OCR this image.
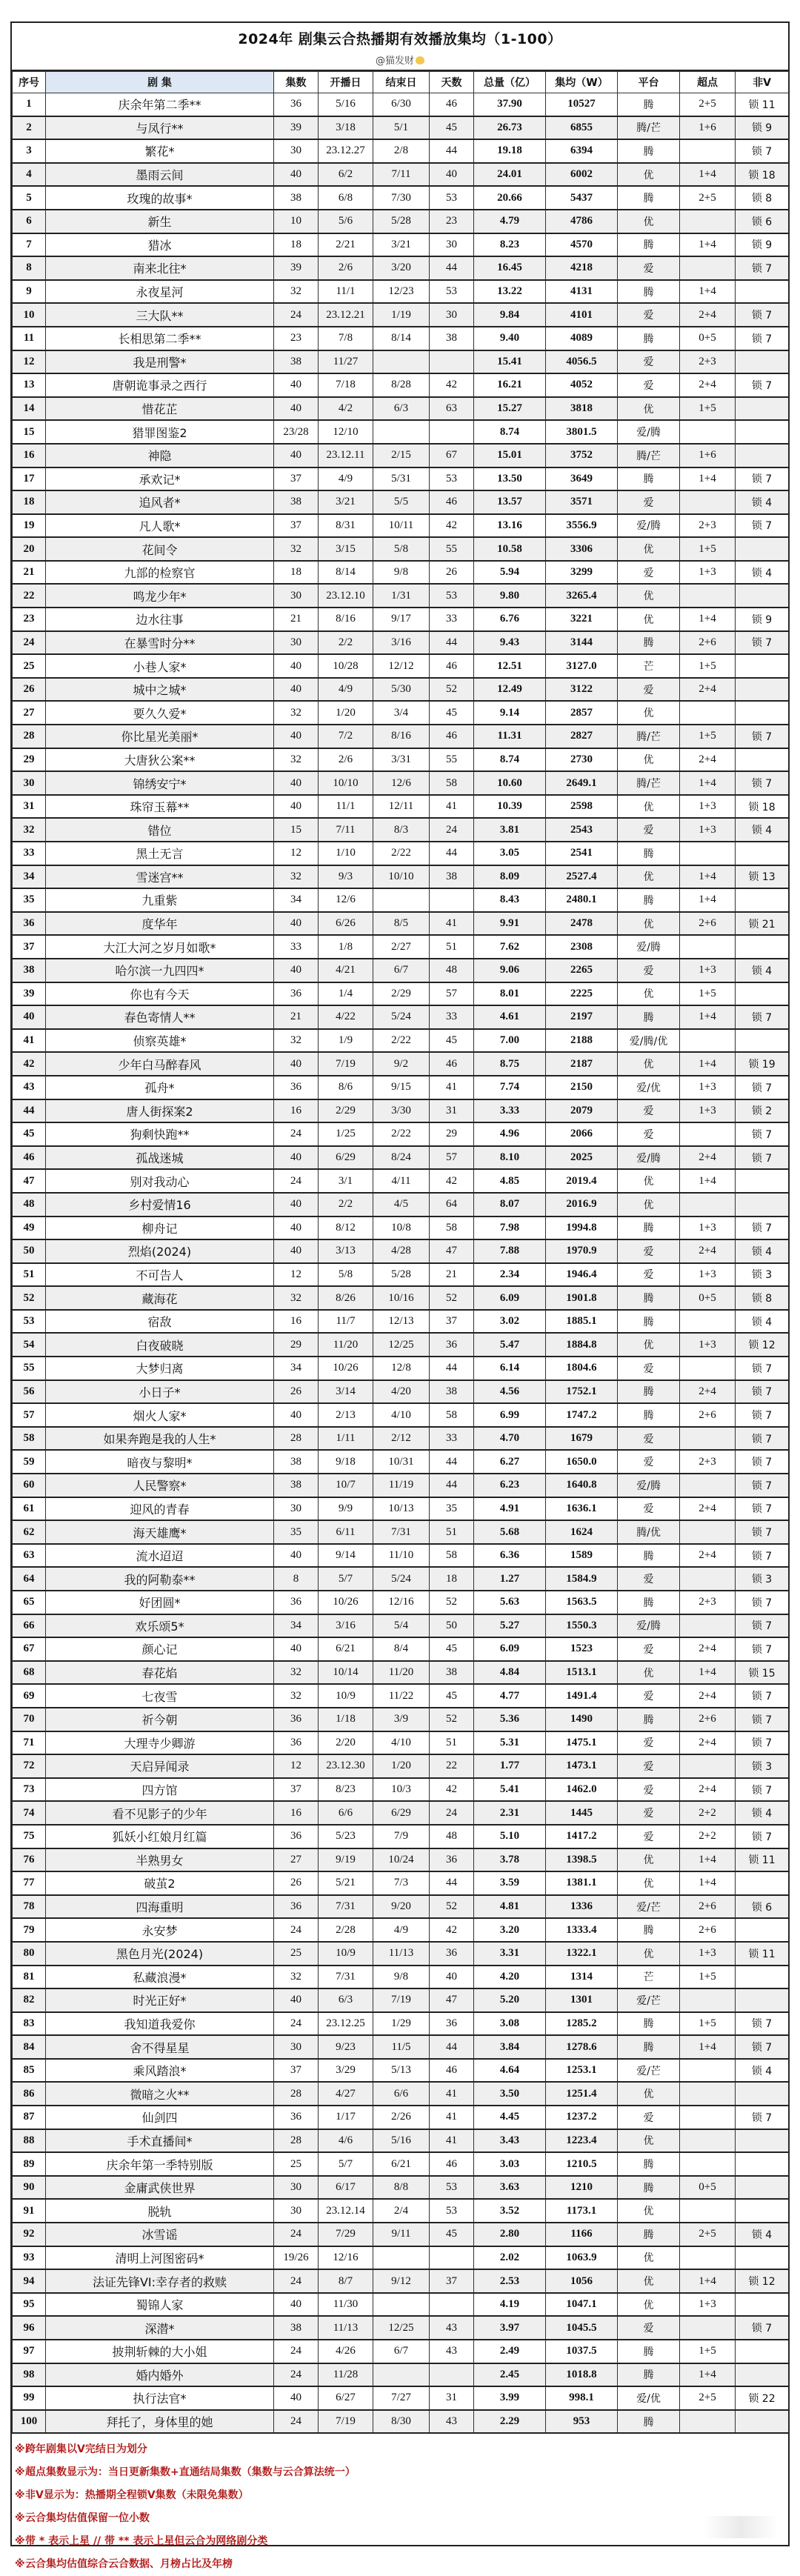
2024年 剧集云合热播期有效播放集均（1-100）
@猫发财
序号	剧 集	集数	开播日	结束日	天数	总量（亿）	集均（W）	平台	超点	非V
1	庆余年第二季**	36	5/16	6/30	46	37.90	10527	腾	2+5	锁 11
2	与凤行**	39	3/18	5/1	45	26.73	6855	腾/芒	1+6	锁 9
3	繁花*	30	23.12.27	2/8	44	19.18	6394	腾		锁 7
4	墨雨云间	40	6/2	7/11	40	24.01	6002	优	1+4	锁 18
5	玫瑰的故事*	38	6/8	7/30	53	20.66	5437	腾	2+5	锁 8
6	新生	10	5/6	5/28	23	4.79	4786	优		锁 6
7	猎冰	18	2/21	3/21	30	8.23	4570	腾	1+4	锁 9
8	南来北往*	39	2/6	3/20	44	16.45	4218	爱		锁 7
9	永夜星河	32	11/1	12/23	53	13.22	4131	腾	1+4	
10	三大队**	24	23.12.21	1/19	30	9.84	4101	爱	2+4	锁 7
11	长相思第二季**	23	7/8	8/14	38	9.40	4089	腾	0+5	锁 7
12	我是刑警*	38	11/27			15.41	4056.5	爱	2+3	
13	唐朝诡事录之西行	40	7/18	8/28	42	16.21	4052	爱	2+4	锁 7
14	惜花芷	40	4/2	6/3	63	15.27	3818	优	1+5	
15	猎罪图鉴2	23/28	12/10			8.74	3801.5	爱/腾		
16	神隐	40	23.12.11	2/15	67	15.01	3752	腾/芒	1+6	
17	承欢记*	37	4/9	5/31	53	13.50	3649	腾	1+4	锁 7
18	追风者*	38	3/21	5/5	46	13.57	3571	爱		锁 4
19	凡人歌*	37	8/31	10/11	42	13.16	3556.9	爱/腾	2+3	锁 7
20	花间令	32	3/15	5/8	55	10.58	3306	优	1+5	
21	九部的检察官	18	8/14	9/8	26	5.94	3299	爱	1+3	锁 4
22	鸣龙少年*	30	23.12.10	1/31	53	9.80	3265.4	优		
23	边水往事	21	8/16	9/17	33	6.76	3221	优	1+4	锁 9
24	在暴雪时分**	30	2/2	3/16	44	9.43	3144	腾	2+6	锁 7
25	小巷人家*	40	10/28	12/12	46	12.51	3127.0	芒	1+5	
26	城中之城*	40	4/9	5/30	52	12.49	3122	爱	2+4	
27	要久久爱*	32	1/20	3/4	45	9.14	2857	优		
28	你比星光美丽*	40	7/2	8/16	46	11.31	2827	腾/芒	1+5	锁 7
29	大唐狄公案**	32	2/6	3/31	55	8.74	2730	优	2+4	
30	锦绣安宁*	40	10/10	12/6	58	10.60	2649.1	腾/芒	1+4	锁 7
31	珠帘玉幕**	40	11/1	12/11	41	10.39	2598	优	1+3	锁 18
32	错位	15	7/11	8/3	24	3.81	2543	爱	1+3	锁 4
33	黑土无言	12	1/10	2/22	44	3.05	2541	腾		
34	雪迷宫**	32	9/3	10/10	38	8.09	2527.4	优	1+4	锁 13
35	九重紫	34	12/6			8.43	2480.1	腾	1+4	
36	度华年	40	6/26	8/5	41	9.91	2478	优	2+6	锁 21
37	大江大河之岁月如歌*	33	1/8	2/27	51	7.62	2308	爱/腾		
38	哈尔滨一九四四*	40	4/21	6/7	48	9.06	2265	爱	1+3	锁 4
39	你也有今天	36	1/4	2/29	57	8.01	2225	优	1+5	
40	春色寄情人**	21	4/22	5/24	33	4.61	2197	腾	1+4	锁 7
41	侦察英雄*	32	1/9	2/22	45	7.00	2188	爱/腾/优		
42	少年白马醉春风	40	7/19	9/2	46	8.75	2187	优	1+4	锁 19
43	孤舟*	36	8/6	9/15	41	7.74	2150	爱/优	1+3	锁 7
44	唐人街探案2	16	2/29	3/30	31	3.33	2079	爱	1+3	锁 2
45	狗剩快跑**	24	1/25	2/22	29	4.96	2066	爱		锁 7
46	孤战迷城	40	6/29	8/24	57	8.10	2025	爱/腾	2+4	锁 7
47	别对我动心	24	3/1	4/11	42	4.85	2019.4	优	1+4	
48	乡村爱情16	40	2/2	4/5	64	8.07	2016.9	优		
49	柳舟记	40	8/12	10/8	58	7.98	1994.8	腾	1+3	锁 7
50	烈焰(2024)	40	3/13	4/28	47	7.88	1970.9	爱	2+4	锁 4
51	不可告人	12	5/8	5/28	21	2.34	1946.4	爱	1+3	锁 3
52	藏海花	32	8/26	10/16	52	6.09	1901.8	腾	0+5	锁 8
53	宿敌	16	11/7	12/13	37	3.02	1885.1	腾		锁 4
54	白夜破晓	29	11/20	12/25	36	5.47	1884.8	优	1+3	锁 12
55	大梦归离	34	10/26	12/8	44	6.14	1804.6	爱		锁 7
56	小日子*	26	3/14	4/20	38	4.56	1752.1	腾	2+4	锁 7
57	烟火人家*	40	2/13	4/10	58	6.99	1747.2	腾	2+6	锁 7
58	如果奔跑是我的人生*	28	1/11	2/12	33	4.70	1679	爱		锁 7
59	暗夜与黎明*	38	9/18	10/31	44	6.27	1650.0	爱	2+3	锁 7
60	人民警察*	38	10/7	11/19	44	6.23	1640.8	爱/腾		锁 7
61	迎风的青春	30	9/9	10/13	35	4.91	1636.1	爱	2+4	锁 7
62	海天雄鹰*	35	6/11	7/31	51	5.68	1624	腾/优		锁 7
63	流水迢迢	40	9/14	11/10	58	6.36	1589	腾	2+4	锁 7
64	我的阿勒泰**	8	5/7	5/24	18	1.27	1584.9	爱		锁 3
65	好团圆*	36	10/26	12/16	52	5.63	1563.5	腾	2+3	锁 7
66	欢乐颂5*	34	3/16	5/4	50	5.27	1550.3	爱/腾		锁 7
67	颜心记	40	6/21	8/4	45	6.09	1523	爱	2+4	锁 7
68	春花焰	32	10/14	11/20	38	4.84	1513.1	优	1+4	锁 15
69	七夜雪	32	10/9	11/22	45	4.77	1491.4	爱	2+4	锁 7
70	祈今朝	36	1/18	3/9	52	5.36	1490	腾	2+6	锁 7
71	大理寺少卿游	36	2/20	4/10	51	5.31	1475.1	爱	2+4	锁 7
72	天启异闻录	12	23.12.30	1/20	22	1.77	1473.1	爱		锁 3
73	四方馆	37	8/23	10/3	42	5.41	1462.0	爱	2+4	锁 7
74	看不见影子的少年	16	6/6	6/29	24	2.31	1445	爱	2+2	锁 4
75	狐妖小红娘月红篇	36	5/23	7/9	48	5.10	1417.2	爱	2+2	锁 7
76	半熟男女	27	9/19	10/24	36	3.78	1398.5	优	1+4	锁 11
77	破茧2	26	5/21	7/3	44	3.59	1381.1	优	1+4	
78	四海重明	36	7/31	9/20	52	4.81	1336	爱/芒	2+6	锁 6
79	永安梦	24	2/28	4/9	42	3.20	1333.4	腾	2+6	
80	黑色月光(2024)	25	10/9	11/13	36	3.31	1322.1	优	1+3	锁 11
81	私藏浪漫*	32	7/31	9/8	40	4.20	1314	芒	1+5	
82	时光正好*	40	6/3	7/19	47	5.20	1301	爱/芒		
83	我知道我爱你	24	23.12.25	1/29	36	3.08	1285.2	腾	1+5	锁 7
84	舍不得星星	30	9/23	11/5	44	3.84	1278.6	腾	1+4	锁 7
85	乘风踏浪*	37	3/29	5/13	46	4.64	1253.1	爱/芒		锁 4
86	微暗之火**	28	4/27	6/6	41	3.50	1251.4	优		
87	仙剑四	36	1/17	2/26	41	4.45	1237.2	爱		锁 7
88	手术直播间*	28	4/6	5/16	41	3.43	1223.4	优		
89	庆余年第一季特别版	25	5/7	6/21	46	3.03	1210.5	腾		
90	金庸武侠世界	30	6/17	8/8	53	3.63	1210	腾	0+5	
91	脱轨	30	23.12.14	2/4	53	3.52	1173.1	优		
92	冰雪谣	24	7/29	9/11	45	2.80	1166	腾	2+5	锁 4
93	清明上河图密码*	19/26	12/16			2.02	1063.9	优		
94	法证先锋VI:幸存者的救赎	24	8/7	9/12	37	2.53	1056	优	1+4	锁 12
95	蜀锦人家	40	11/30			4.19	1047.1	优	1+3	
96	深潜*	38	11/13	12/25	43	3.97	1045.5	爱		锁 7
97	披荆斩棘的大小姐	24	4/26	6/7	43	2.49	1037.5	腾	1+5	
98	婚内婚外	24	11/28			2.45	1018.8	腾	1+4	
99	执行法官*	40	6/27	7/27	31	3.99	998.1	爱/优	2+5	锁 22
100	拜托了，身体里的她	24	7/19	8/30	43	2.29	953	腾		
※跨年剧集以V完结日为划分
※超点集数显示为：当日更新集数+直通结局集数（集数与云合算法统一）
※非V显示为：热播期全程锁V集数（未限免集数）
※云合集均估值保留一位小数
※带 * 表示上星 // 带 ** 表示上星但云合为网络剧分类
※云合集均估值综合云合数据、月榜占比及年榜
